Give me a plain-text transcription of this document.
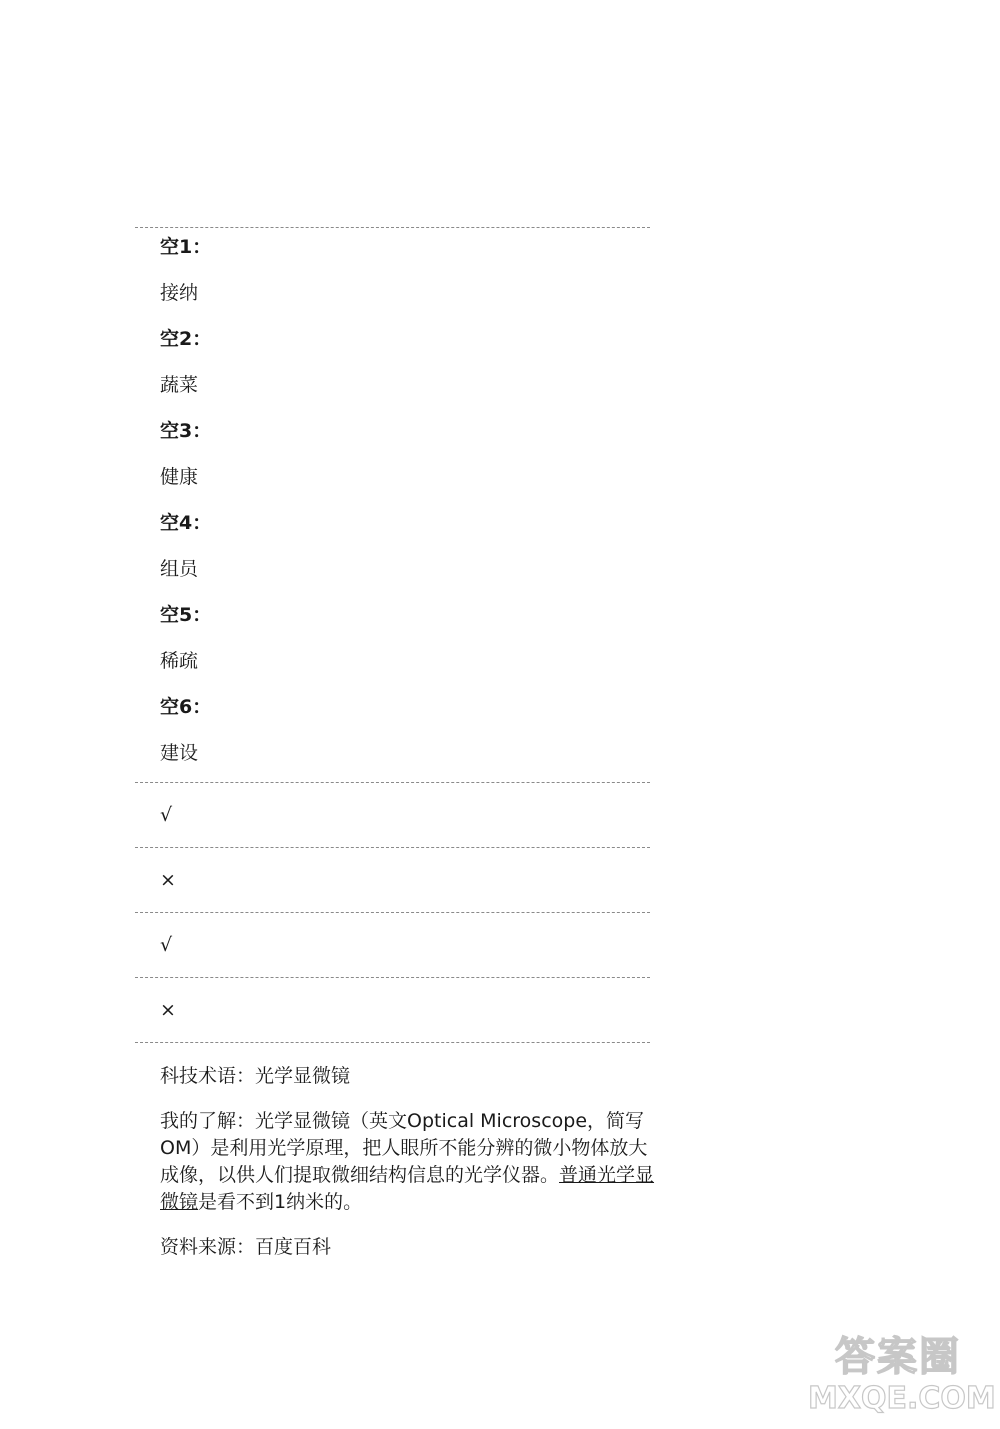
空1：
接纳
空2：
蔬菜
空3：
健康
空4：
组员
空5：
稀疏
空6：
建设
√
×
√
×
科技术语：光学显微镜
我的了解：光学显微镜（英文Optical Microscope，简写OM）是利用光学原理，把人眼所不能分辨的微小物体放大成像，以供人们提取微细结构信息的光学仪器。普通光学显微镜是看不到1纳米的。
资料来源：百度百科
答案圈
MXQE.COM
